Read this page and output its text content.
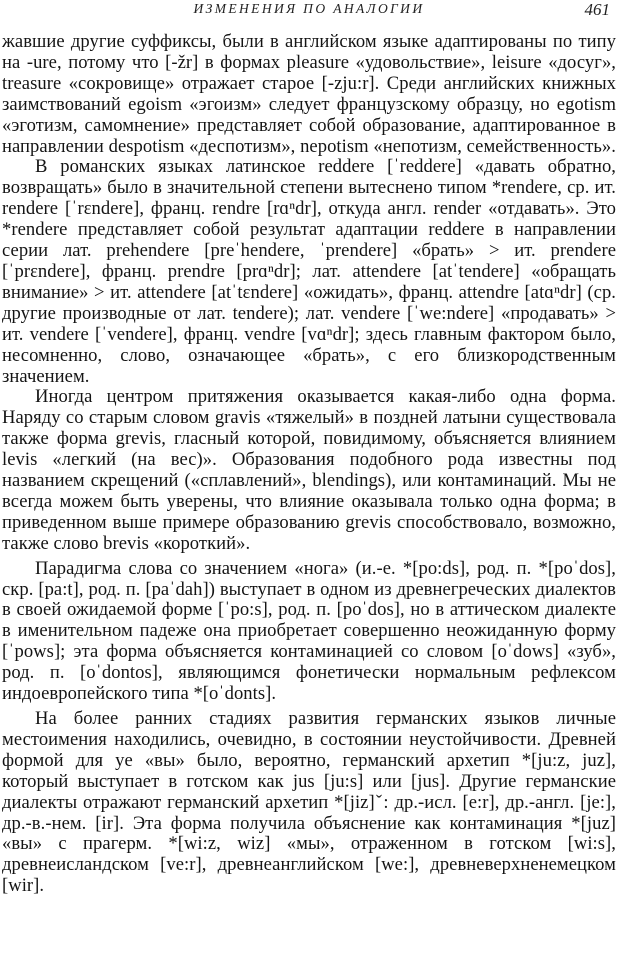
ИЗМЕНЕНИЯ ПО АНАЛОГИИ	461

жавшие другие суффиксы, были в английском языке адаптированы по типу на -ure, потому что [-žr] в формах pleasure «удовольствие», leisure «досуг», treasure «сокровище» отражает старое [-zju:r]. Среди английских книжных заимствований egoism «эгоизм» следует французскому образцу, но egotism «эготизм, самомнение» представляет собой образование, адаптированное в направлении despotism «деспотизм», nepotism «непотизм, семейственность».

В романских языках латинское reddere [ˈreddere] «давать обратно, возвращать» было в значительной степени вытеснено типом *rendere, ср. ит. rendere [ˈrɛndere], франц. rendre [rɑⁿdr], откуда англ. render «отдавать». Это *rendere представляет собой результат адаптации reddere в направлении серии лат. prehendere [preˈhendere, ˈprendere] «брать» > ит. prendere [ˈprɛndere], франц. prendre [prɑⁿdr]; лат. attendere [atˈtendere] «обращать внимание» > ит. attendere [atˈtɛndere] «ожидать», франц. attendre [atɑⁿdr] (ср. другие производные от лат. tendere); лат. vendere [ˈwe:ndere] «продавать» > ит. vendere [ˈvendere], франц. vendre [vɑⁿdr]; здесь главным фактором было, несомненно, слово, означающее «брать», с его близкородственным значением.

Иногда центром притяжения оказывается какая-либо одна форма. Наряду со старым словом gravis «тяжелый» в поздней латыни существовала также форма grevis, гласный которой, повидимому, объясняется влиянием levis «легкий (на вес)». Образования подобного рода известны под названием скрещений («сплавлений», blendings), или контаминаций. Мы не всегда можем быть уверены, что влияние оказывала только одна форма; в приведенном выше примере образованию grevis способствовало, возможно, также слово brevis «короткий».

Парадигма слова со значением «нога» (и.-е. *[po:ds], род. п. *[poˈdos], скр. [pa:t], род. п. [paˈdah]) выступает в одном из древнегреческих диалектов в своей ожидаемой форме [ˈpo:s], род. п. [poˈdos], но в аттическом диалекте в именительном падеже она приобретает совершенно неожиданную форму [ˈpows]; эта форма объясняется контаминацией со словом [oˈdows] «зуб», род. п. [oˈdontos], являющимся фонетически нормальным рефлексом индоевропейского типа *[oˈdonts].

На более ранних стадиях развития германских языков личные местоимения находились, очевидно, в состоянии неустойчивости. Древней формой для ye «вы» было, вероятно, германский архетип *[ju:z, juz], который выступает в готском как jus [ju:s] или [jus]. Другие германские диалекты отражают германский архетип *[jiz]ˇ: др.-исл. [e:r], др.-англ. [je:], др.-в.-нем. [ir]. Эта форма получила объяснение как контаминация *[juz] «вы» с прагерм. *[wi:z, wiz] «мы», отраженном в готском [wi:s], древнеисландском [ve:r], древнеанглийском [we:], древневерхненемецком [wir].
